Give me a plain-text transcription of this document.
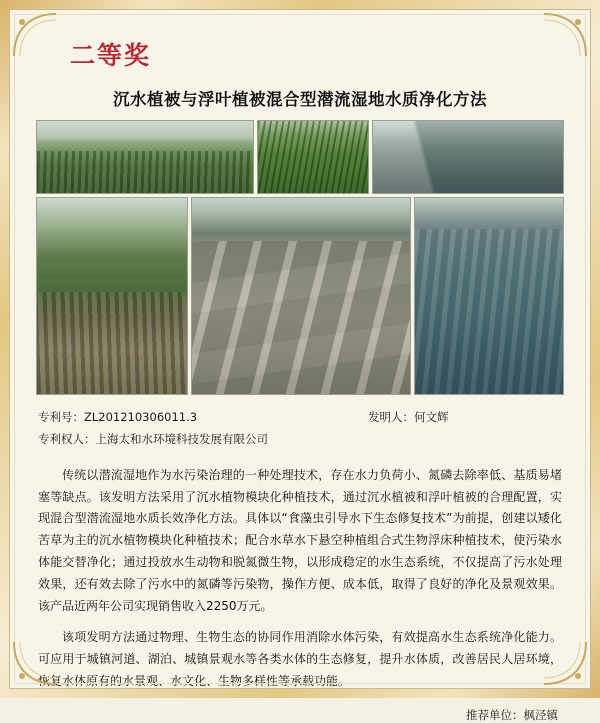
二等奖
沉水植被与浮叶植被混合型潜流湿地水质净化方法
专利号：ZL201210306011.3	发明人：何文辉
专利权人：上海太和水环境科技发展有限公司

传统以潜流湿地作为水污染治理的一种处理技术，存在水力负荷小、氮磷去除率低、基质易堵塞等缺点。该发明方法采用了沉水植物模块化种植技术，通过沉水植被和浮叶植被的合理配置，实现混合型潜流湿地水质长效净化方法。具体以“食藻虫引导水下生态修复技术”为前提，创建以矮化苦草为主的沉水植物模块化种植技术；配合水草水下悬空种植组合式生物浮床种植技术，使污染水体能交替净化；通过投放水生动物和脱氮微生物，以形成稳定的水生态系统，不仅提高了污水处理效果，还有效去除了污水中的氮磷等污染物，操作方便、成本低，取得了良好的净化及景观效果。该产品近两年公司实现销售收入2250万元。

该项发明方法通过物理、生物生态的协同作用消除水体污染，有效提高水生态系统净化能力。可应用于城镇河道、湖泊、城镇景观水等各类水体的生态修复，提升水体质，改善居民人居环境，恢复水体原有的水景观、水文化、生物多样性等承载功能。

推荐单位：枫泾镇
